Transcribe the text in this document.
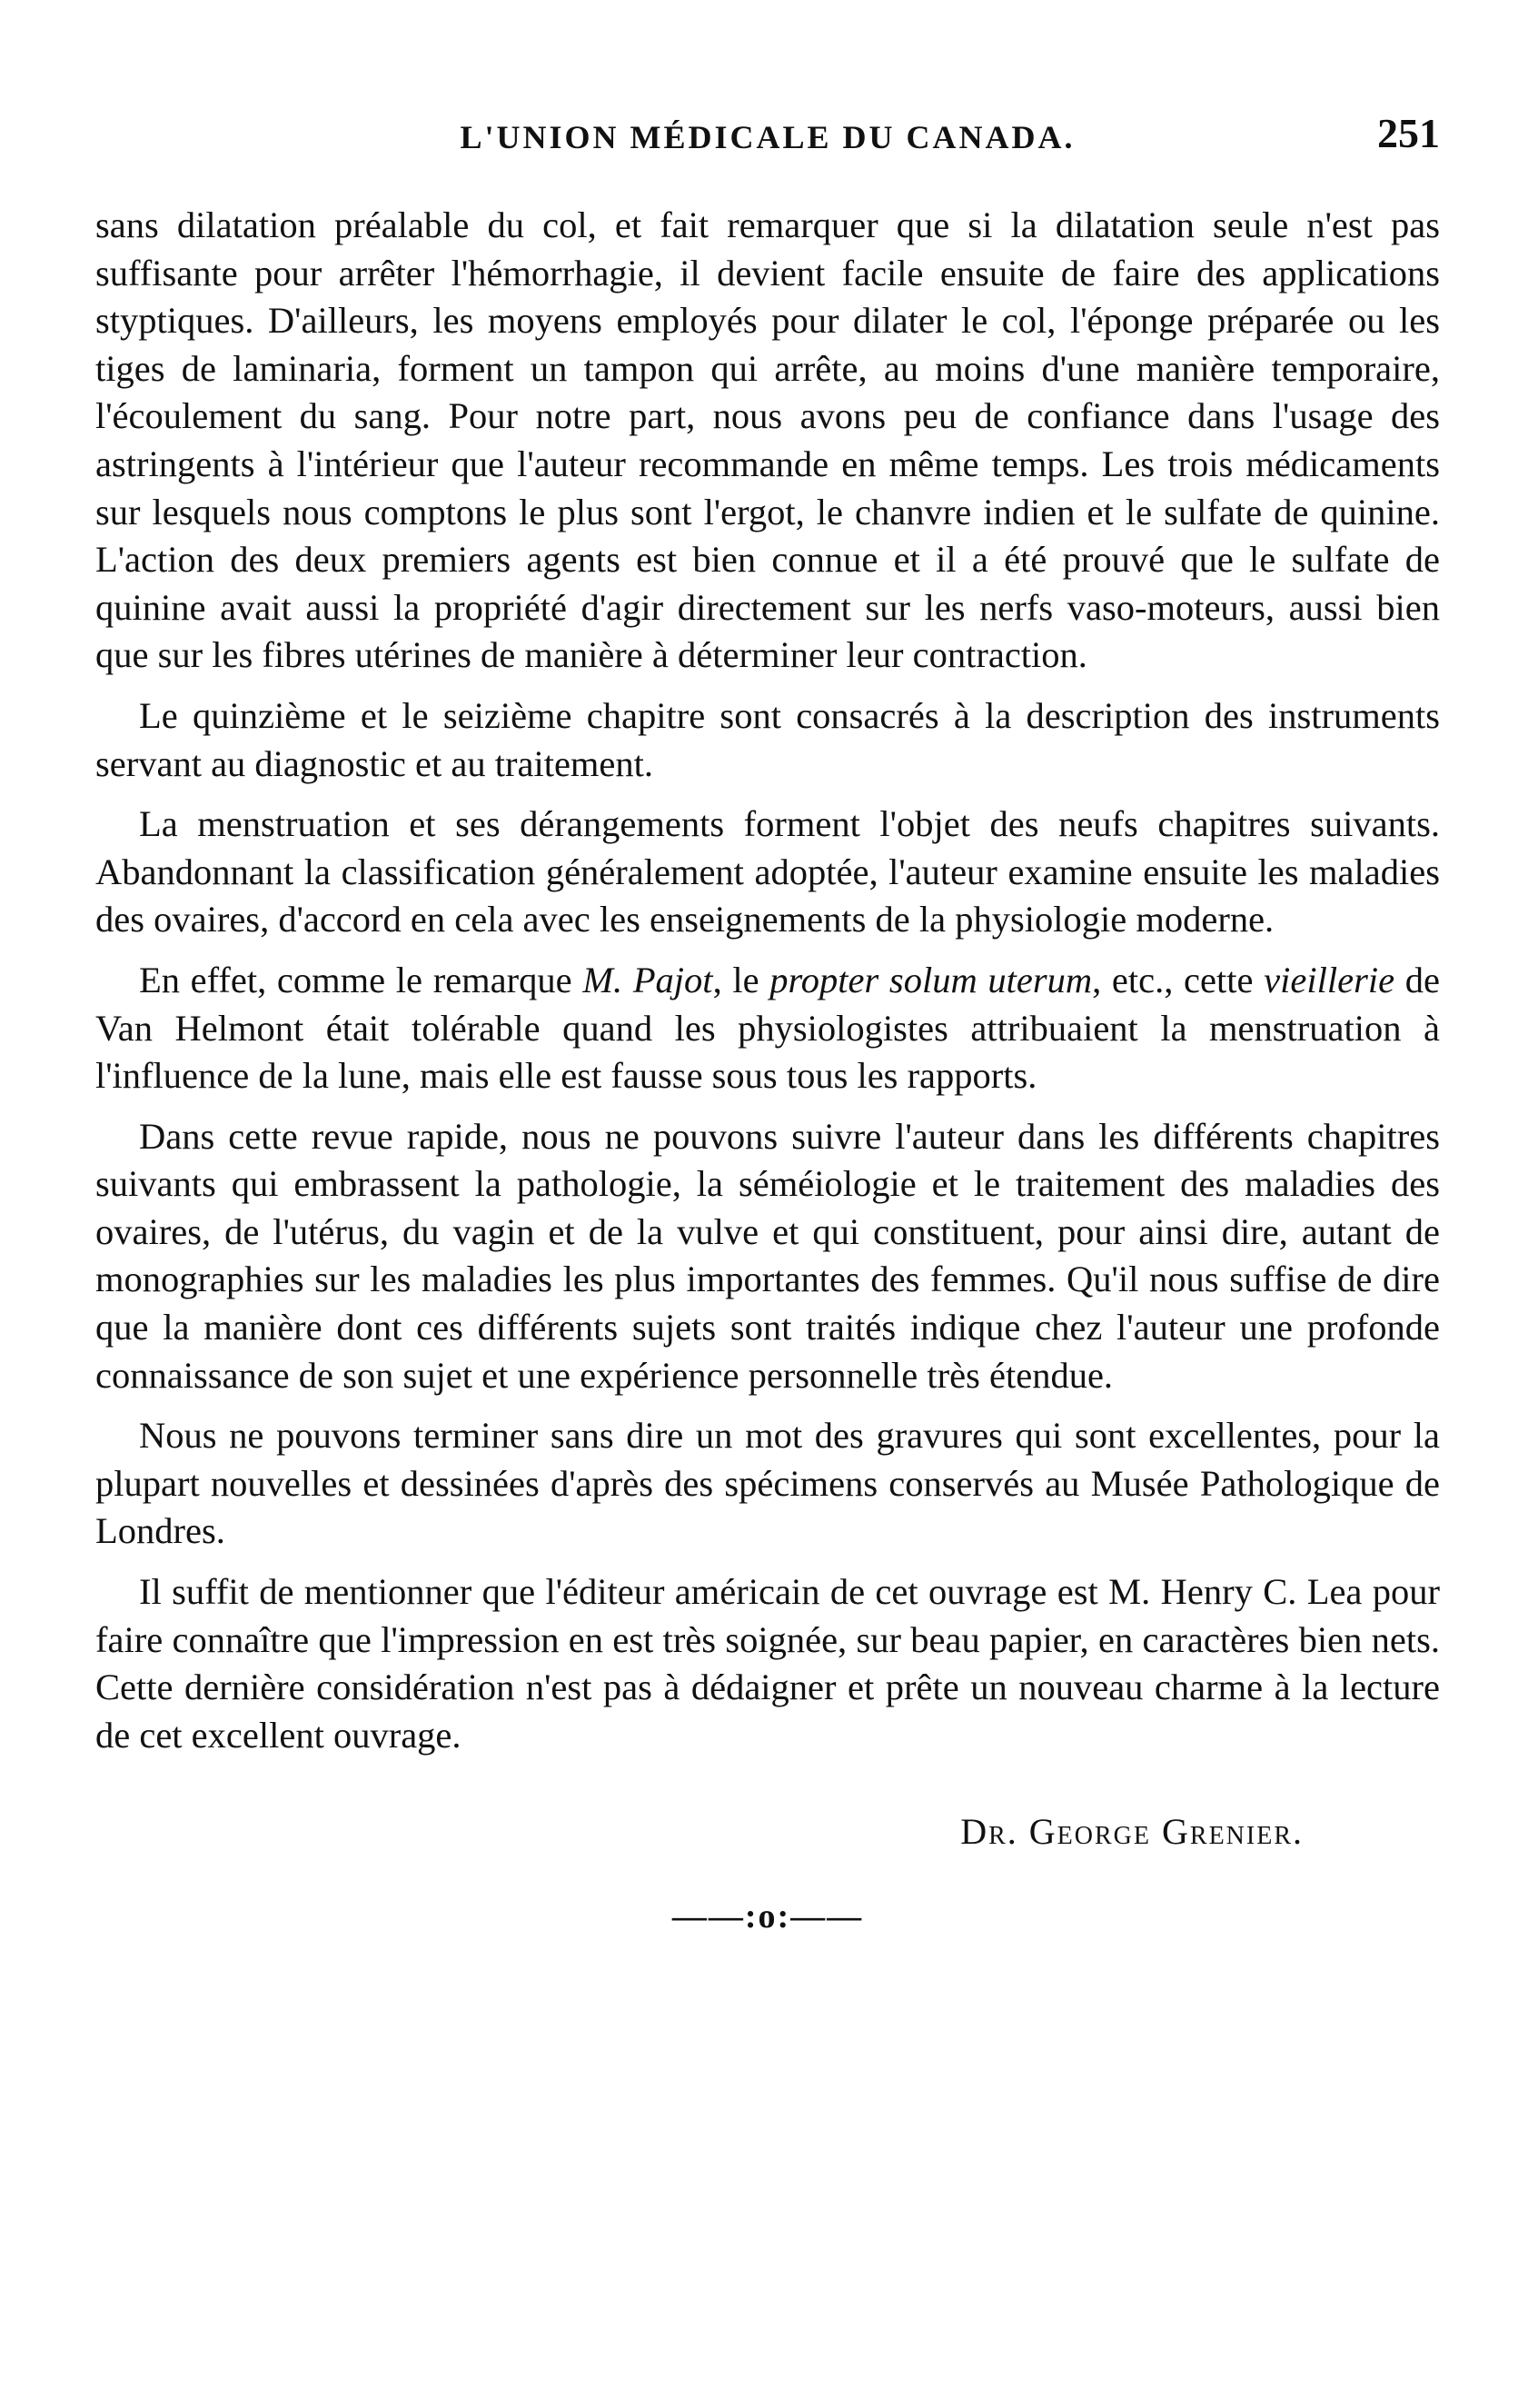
L'UNION MÉDICALE DU CANADA.	251

sans dilatation préalable du col, et fait remarquer que si la dilatation seule n'est pas suffisante pour arrêter l'hémorrhagie, il devient facile ensuite de faire des applications styptiques. D'ailleurs, les moyens employés pour dilater le col, l'éponge préparée ou les tiges de laminaria, forment un tampon qui arrête, au moins d'une manière temporaire, l'écoulement du sang. Pour notre part, nous avons peu de confiance dans l'usage des astringents à l'intérieur que l'auteur recommande en même temps. Les trois médicaments sur lesquels nous comptons le plus sont l'ergot, le chanvre indien et le sulfate de quinine. L'action des deux premiers agents est bien connue et il a été prouvé que le sulfate de quinine avait aussi la propriété d'agir directement sur les nerfs vaso-moteurs, aussi bien que sur les fibres utérines de manière à déterminer leur contraction.

Le quinzième et le seizième chapitre sont consacrés à la description des instruments servant au diagnostic et au traitement.

La menstruation et ses dérangements forment l'objet des neufs chapitres suivants. Abandonnant la classification généralement adoptée, l'auteur examine ensuite les maladies des ovaires, d'accord en cela avec les enseignements de la physiologie moderne.

En effet, comme le remarque M. Pajot, le propter solum uterum, etc., cette vieillerie de Van Helmont était tolérable quand les physiologistes attribuaient la menstruation à l'influence de la lune, mais elle est fausse sous tous les rapports.

Dans cette revue rapide, nous ne pouvons suivre l'auteur dans les différents chapitres suivants qui embrassent la pathologie, la séméiologie et le traitement des maladies des ovaires, de l'utérus, du vagin et de la vulve et qui constituent, pour ainsi dire, autant de monographies sur les maladies les plus importantes des femmes. Qu'il nous suffise de dire que la manière dont ces différents sujets sont traités indique chez l'auteur une profonde connaissance de son sujet et une expérience personnelle très étendue.

Nous ne pouvons terminer sans dire un mot des gravures qui sont excellentes, pour la plupart nouvelles et dessinées d'après des spécimens conservés au Musée Pathologique de Londres.

Il suffit de mentionner que l'éditeur américain de cet ouvrage est M. Henry C. Lea pour faire connaître que l'impression en est très soignée, sur beau papier, en caractères bien nets. Cette dernière considération n'est pas à dédaigner et prête un nouveau charme à la lecture de cet excellent ouvrage.

Dr. George Grenier.
——:o:——
